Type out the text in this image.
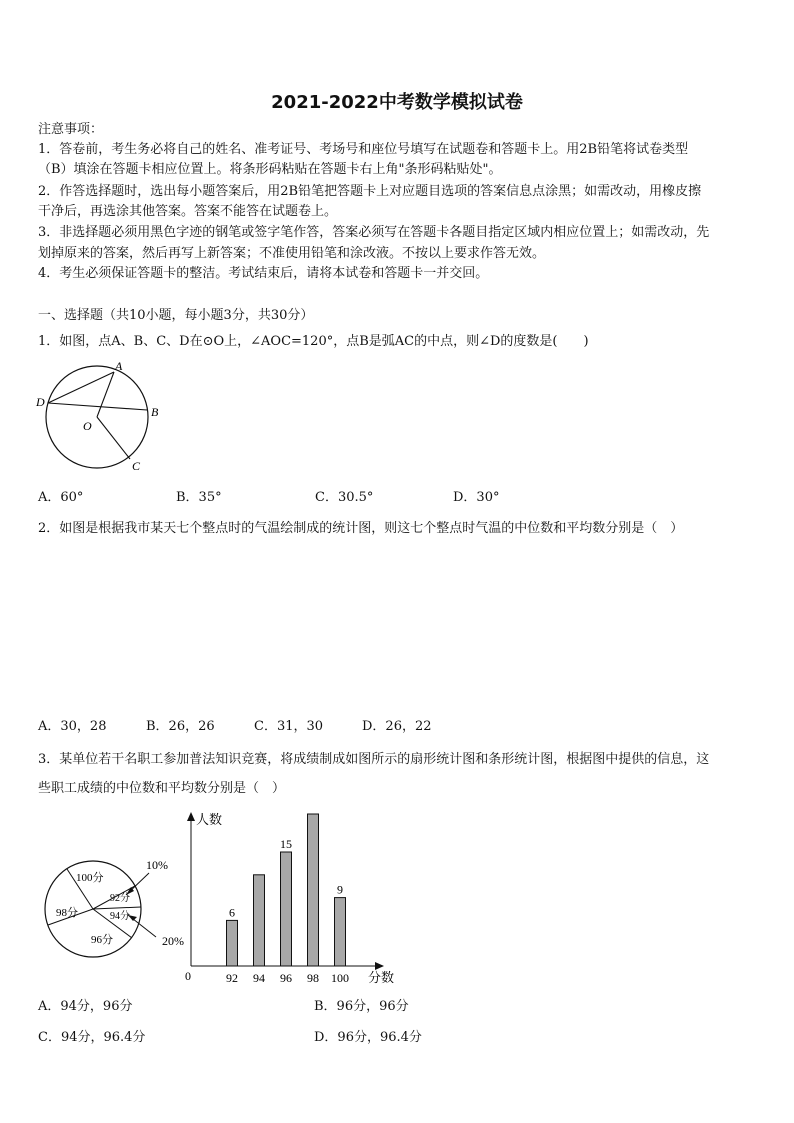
2021-2022中考数学模拟试卷
注意事项：
1．答卷前，考生务必将自己的姓名、准考证号、考场号和座位号填写在试题卷和答题卡上。用2B铅笔将试卷类型
（B）填涂在答题卡相应位置上。将条形码粘贴在答题卡右上角"条形码粘贴处"。
2．作答选择题时，选出每小题答案后，用2B铅笔把答题卡上对应题目选项的答案信息点涂黑；如需改动，用橡皮擦
干净后，再选涂其他答案。答案不能答在试题卷上。
3．非选择题必须用黑色字迹的钢笔或签字笔作答，答案必须写在答题卡各题目指定区域内相应位置上；如需改动，先
划掉原来的答案，然后再写上新答案；不准使用铅笔和涂改液。不按以上要求作答无效。
4．考生必须保证答题卡的整洁。考试结束后，请将本试卷和答题卡一并交回。
一、选择题（共10小题，每小题3分，共30分）
1．如图，点A、B、C、D在⊙O上，∠AOC=120°，点B是弧AC的中点，则∠D的度数是(　　)
A
B
C
D
O
A．60°	B．35°	C．30.5°	D．30°
2．如图是根据我市某天七个整点时的气温绘制成的统计图，则这七个整点时气温的中位数和平均数分别是（　）
A．30，28	B．26，26	C．31，30	D．26，22
3．某单位若干名职工参加普法知识竞赛，将成绩制成如图所示的扇形统计图和条形统计图，根据图中提供的信息，这
些职工成绩的中位数和平均数分别是（　）
100分
92分
94分
96分
98分
10%
20%
人数
分数
0	92
6
94 96
15
98 100
9
A．94分，96分	B．96分，96分
C．94分，96.4分	D．96分，96.4分
